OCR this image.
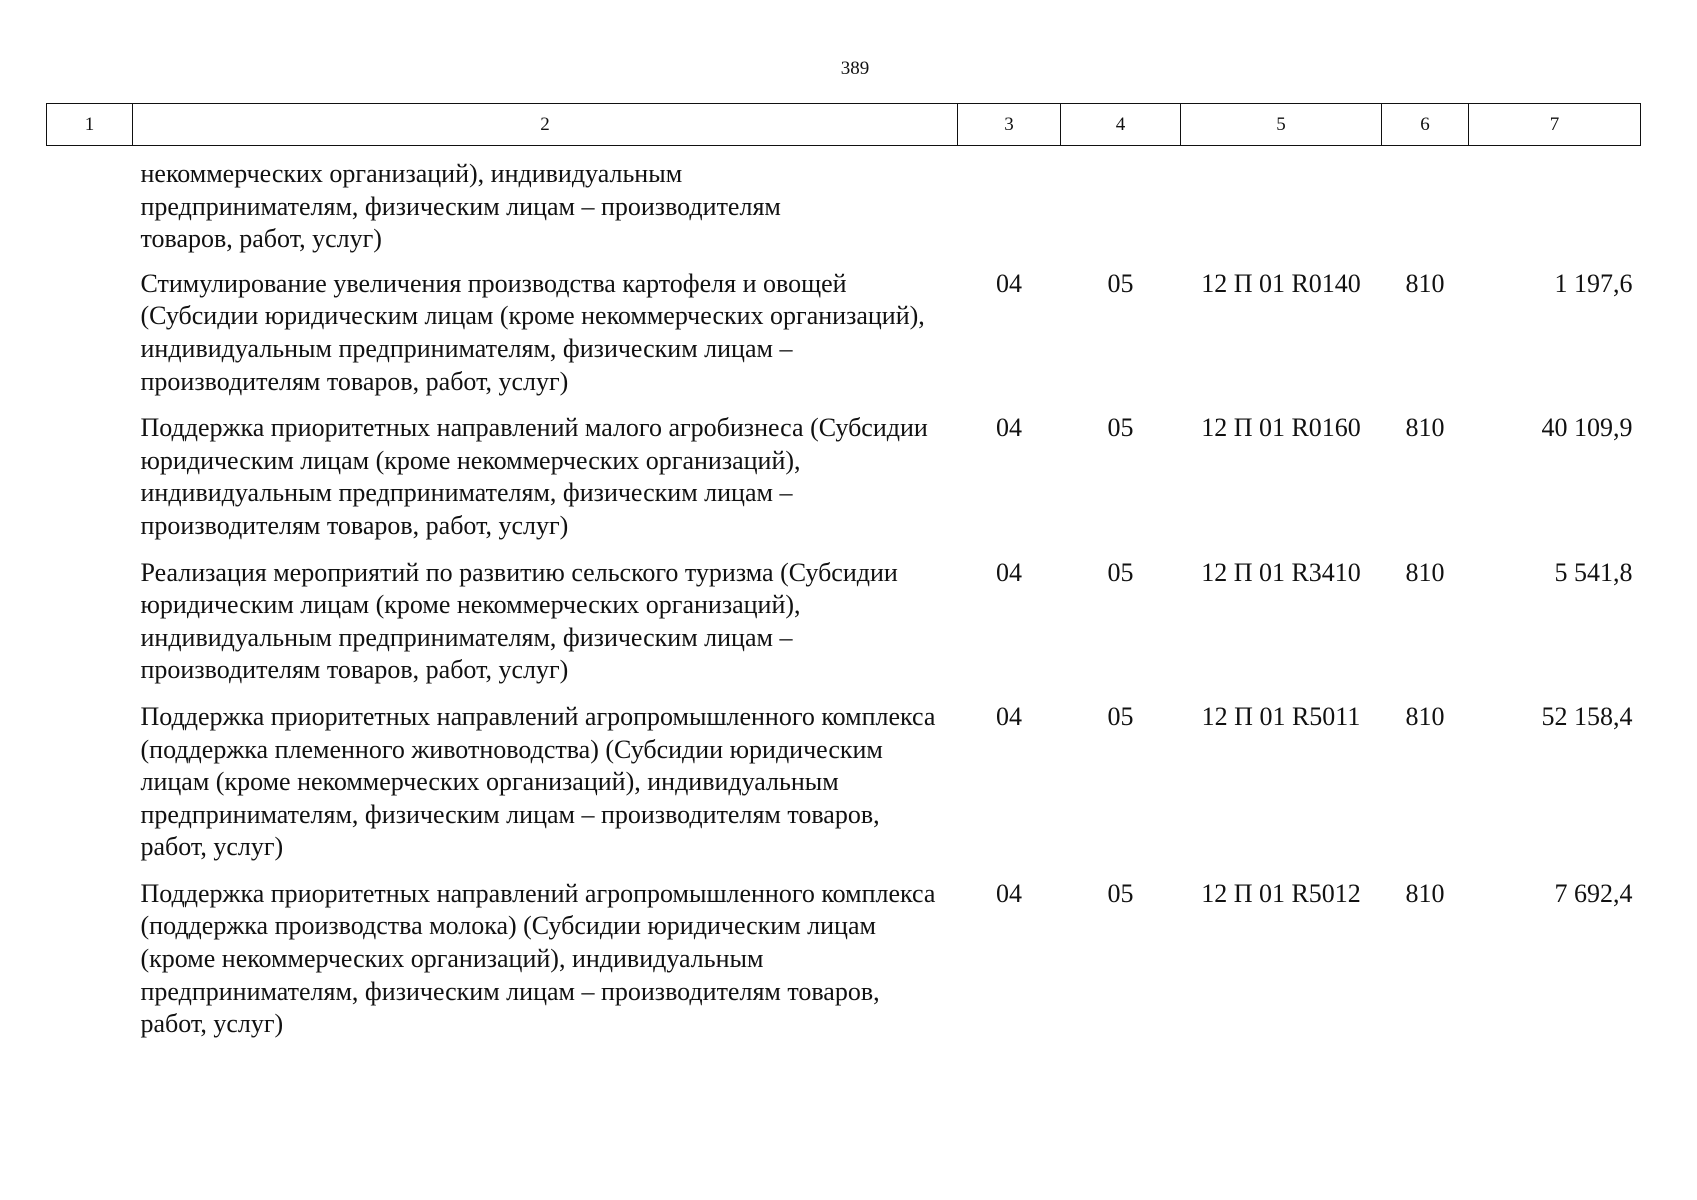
389
1	2	3	4	5	6	7
	некоммерческих организаций), индивидуальным предпринимателям, физическим лицам – производителям товаров, работ, услуг)					
	Стимулирование увеличения производства картофеля и овощей (Субсидии юридическим лицам (кроме некоммерческих организаций), индивидуальным предпринимателям, физическим лицам – производителям товаров, работ, услуг)	04	05	12 П 01 R0140	810	1 197,6
	Поддержка приоритетных направлений малого агробизнеса (Субсидии юридическим лицам (кроме некоммерческих организаций), индивидуальным предпринимателям, физическим лицам – производителям товаров, работ, услуг)	04	05	12 П 01 R0160	810	40 109,9
	Реализация мероприятий по развитию сельского туризма (Субсидии юридическим лицам (кроме некоммерческих организаций), индивидуальным предпринимателям, физическим лицам – производителям товаров, работ, услуг)	04	05	12 П 01 R3410	810	5 541,8
	Поддержка приоритетных направлений агропромышленного комплекса (поддержка племенного животноводства) (Субсидии юридическим лицам (кроме некоммерческих организаций), индивидуальным предпринимателям, физическим лицам – производителям товаров, работ, услуг)	04	05	12 П 01 R5011	810	52 158,4
	Поддержка приоритетных направлений агропромышленного комплекса (поддержка производства молока) (Субсидии юридическим лицам (кроме некоммерческих организаций), индивидуальным предпринимателям, физическим лицам – производителям товаров, работ, услуг)	04	05	12 П 01 R5012	810	7 692,4
